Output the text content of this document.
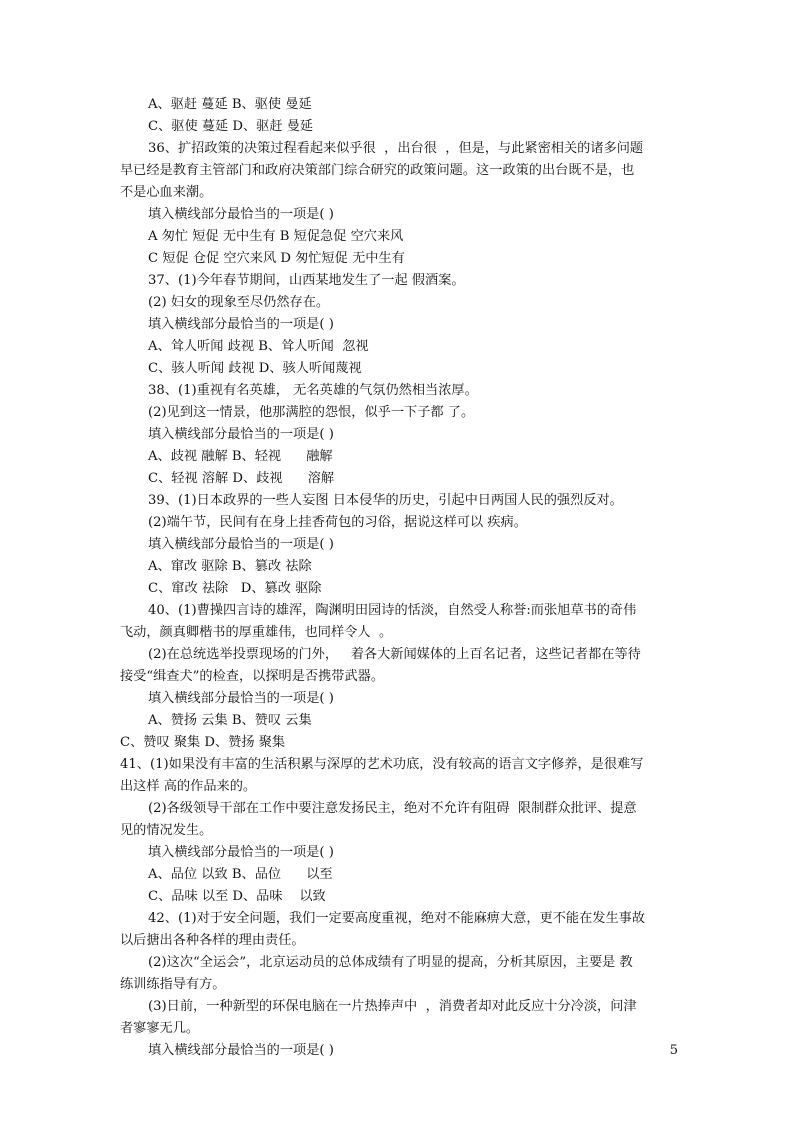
A、驱赶 蔓延 B、驱使 曼延
C、驱使 蔓延 D、驱赶 曼延
36、扩招政策的决策过程看起来似乎很  ，出台很  ，但是，与此紧密相关的诸多问题
早已经是教育主管部门和政府决策部门综合研究的政策问题。这一政策的出台既不是，也
不是心血来潮。
填入横线部分最恰当的一项是( )
A 匆忙 短促 无中生有 B 短促急促 空穴来风
C 短促 仓促 空穴来风 D 匆忙短促 无中生有
37、(1)今年春节期间，山西某地发生了一起 假酒案。
(2) 妇女的现象至尽仍然存在。
填入横线部分最恰当的一项是( )
A、耸人听闻 歧视 B、耸人听闻  忽视
C、骇人听闻 歧视 D、骇人听闻蔑视
38、(1)重视有名英雄， 无名英雄的气氛仍然相当浓厚。
(2)见到这一情景，他那满腔的怨恨，似乎一下子都 了。
填入横线部分最恰当的一项是( )
A、歧视 融解 B、轻视      融解
C、轻视 溶解 D、歧视      溶解
39、(1)日本政界的一些人妄图 日本侵华的历史，引起中日两国人民的强烈反对。
(2)端午节，民间有在身上挂香荷包的习俗，据说这样可以 疾病。
填入横线部分最恰当的一项是( )
A、窜改 驱除 B、篡改 祛除
C、窜改 祛除   D、篡改 驱除
40、(1)曹操四言诗的雄浑，陶渊明田园诗的恬淡，自然受人称誉:而张旭草书的奇伟
飞动，颜真卿楷书的厚重雄伟，也同样令人  。
(2)在总统选举投票现场的门外，   着各大新闻媒体的上百名记者，这些记者都在等待
接受“缉查犬”的检查，以探明是否携带武器。
填入横线部分最恰当的一项是( )
A、赞扬 云集 B、赞叹 云集
C、赞叹 聚集 D、赞扬 聚集
41、(1)如果没有丰富的生活积累与深厚的艺术功底，没有较高的语言文字修养，是很难写
出这样 高的作品来的。
(2)各级领导干部在工作中要注意发扬民主，绝对不允许有阻碍  限制群众批评、提意
见的情况发生。
填入横线部分最恰当的一项是( )
A、品位 以致 B、品位      以至
C、品味 以至 D、品味    以致
42、(1)对于安全问题，我们一定要高度重视，绝对不能麻痹大意，更不能在发生事故
以后搪出各种各样的理由责任。
(2)这次“全运会”，北京运动员的总体成绩有了明显的提高，分析其原因，主要是 教
练训练指导有方。
(3)日前，一种新型的环保电脑在一片热捧声中  ，消费者却对此反应十分冷淡，问津
者寥寥无几。
填入横线部分最恰当的一项是( )	5
